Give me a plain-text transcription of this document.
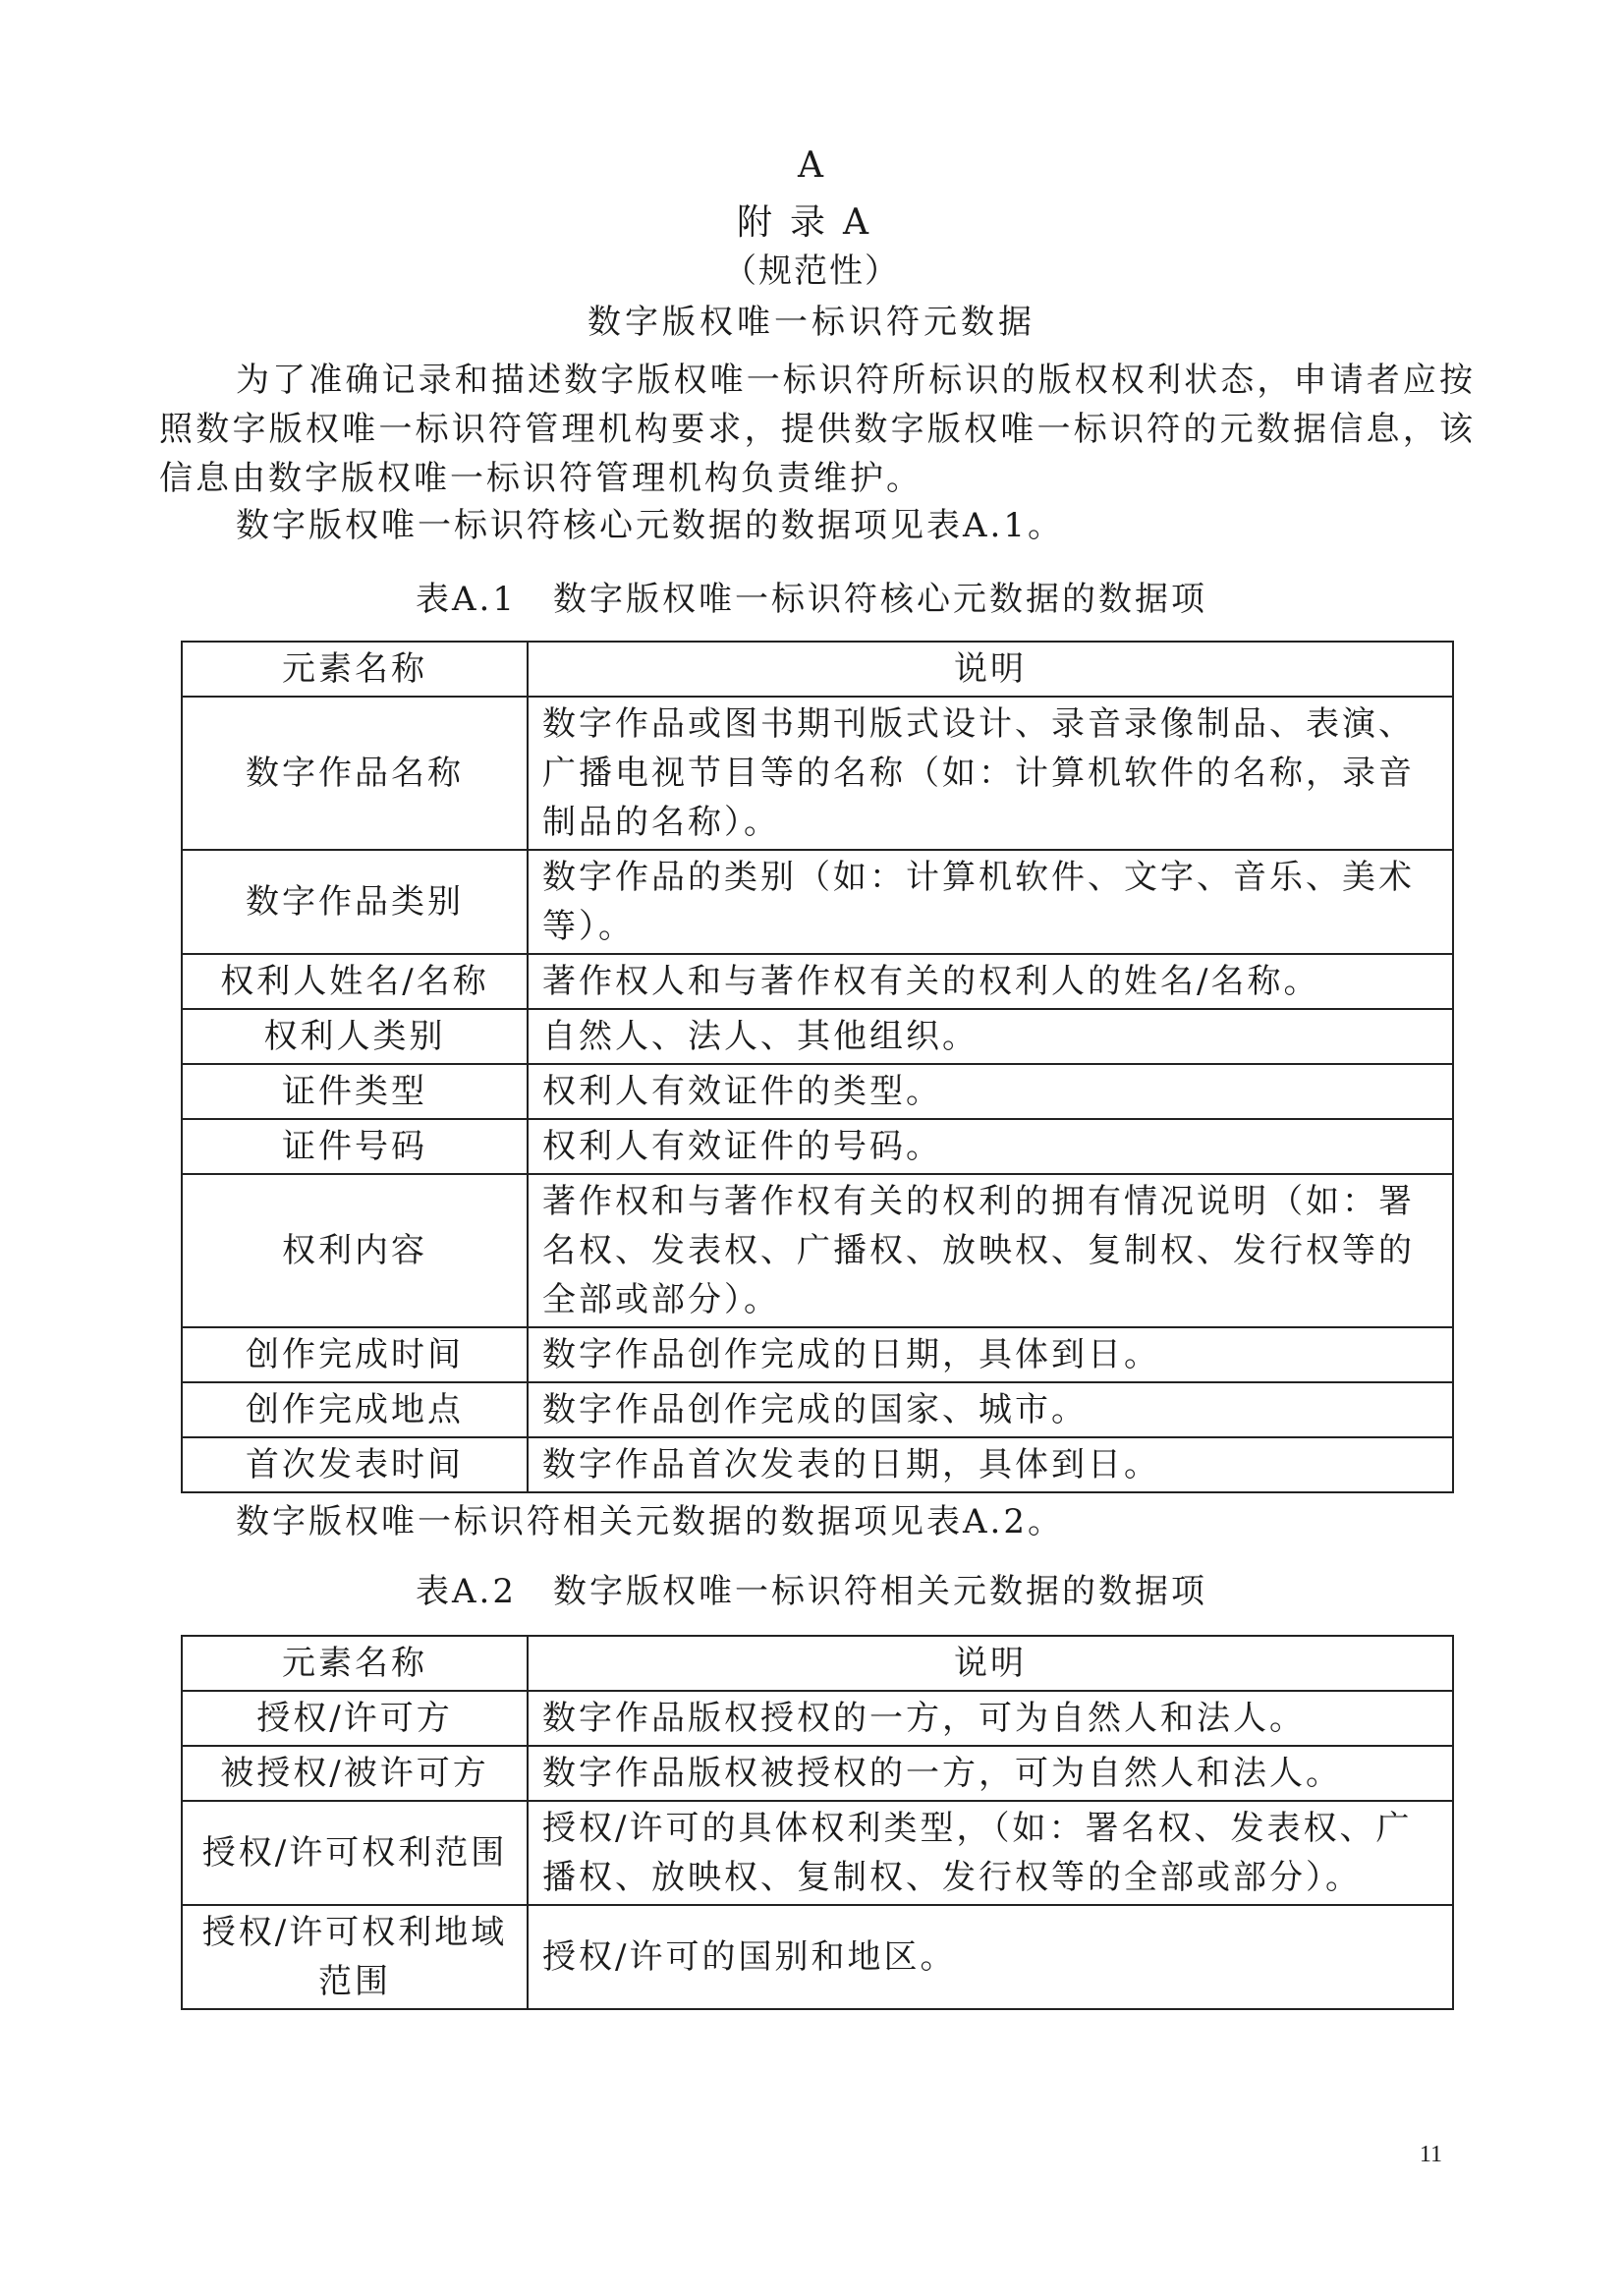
A
附录A
（规范性）
数字版权唯一标识符元数据

为了准确记录和描述数字版权唯一标识符所标识的版权权利状态，申请者应按照数字版权唯一标识符管理机构要求，提供数字版权唯一标识符的元数据信息，该信息由数字版权唯一标识符管理机构负责维护。

数字版权唯一标识符核心元数据的数据项见表A.1。

表A.1　数字版权唯一标识符核心元数据的数据项
元素名称	说明
数字作品名称	数字作品或图书期刊版式设计、录音录像制品、表演、广播电视节目等的名称（如：计算机软件的名称，录音制品的名称）。
数字作品类别	数字作品的类别（如：计算机软件、文字、音乐、美术等）。
权利人姓名/名称	著作权人和与著作权有关的权利人的姓名/名称。
权利人类别	自然人、法人、其他组织。
证件类型	权利人有效证件的类型。
证件号码	权利人有效证件的号码。
权利内容	著作权和与著作权有关的权利的拥有情况说明（如：署名权、发表权、广播权、放映权、复制权、发行权等的全部或部分）。
创作完成时间	数字作品创作完成的日期，具体到日。
创作完成地点	数字作品创作完成的国家、城市。
首次发表时间	数字作品首次发表的日期，具体到日。

数字版权唯一标识符相关元数据的数据项见表A.2。

表A.2　数字版权唯一标识符相关元数据的数据项
元素名称	说明
授权/许可方	数字作品版权授权的一方，可为自然人和法人。
被授权/被许可方	数字作品版权被授权的一方，可为自然人和法人。
授权/许可权利范围	授权/许可的具体权利类型，（如：署名权、发表权、广播权、放映权、复制权、发行权等的全部或部分）。
授权/许可权利地域范围	授权/许可的国别和地区。
11
